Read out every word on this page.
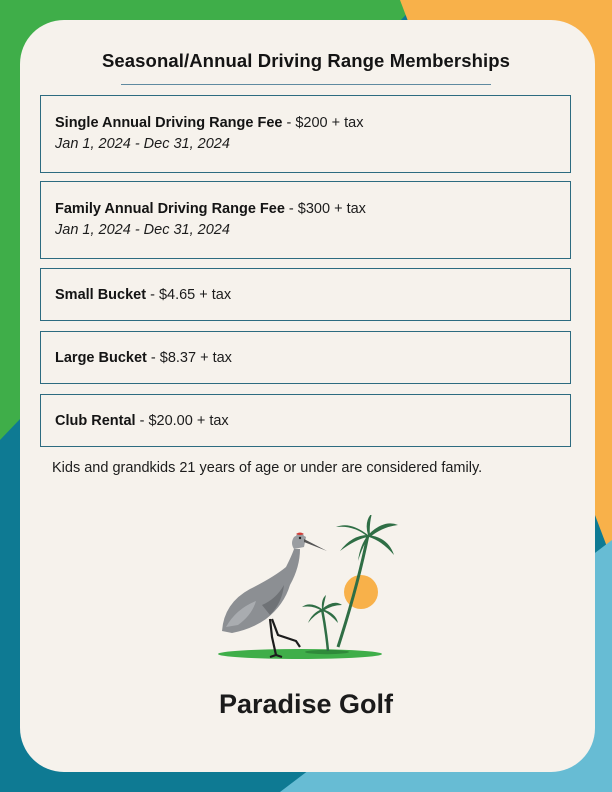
Seasonal/Annual Driving Range Memberships
Single Annual Driving Range Fee - $200 + tax
Jan 1, 2024 - Dec 31, 2024
Family Annual Driving Range Fee - $300 + tax
Jan 1, 2024 - Dec 31, 2024
Small Bucket - $4.65 + tax
Large Bucket - $8.37 + tax
Club Rental - $20.00 + tax
Kids and grandkids 21 years of age or under are considered family.
Paradise Golf
